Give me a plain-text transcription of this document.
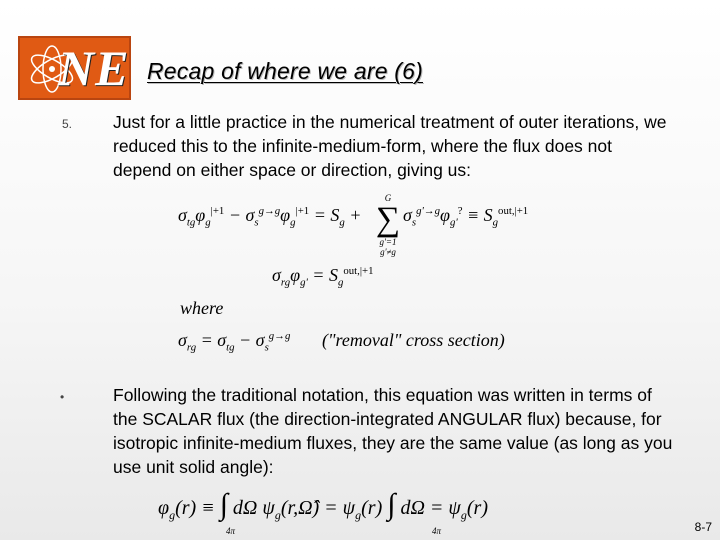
NE Recap of where we are (6)
5. Just for a little practice in the numerical treatment of outer iterations, we reduced this to the infinite-medium-form, where the flux does not depend on either space or direction, giving us:
$\sigma_{tg}\varphi_g^{|+1} - \sigma_s^{g\to g}\varphi_g^{|+1} = S_g$ +
G
∑
g'=1
g'≠g
$\sigma_s^{g'\to g}\varphi_{g'}^? \equiv S_g^{out,|+1}$
$\sigma_{rg}\varphi_{g'} = S_g^{out,|+1}$
where
$\sigma_{rg} = \sigma_{tg} - \sigma_s^{g\to g}$ ("removal" cross section)
•	Following the traditional notation, this equation was written in terms of the SCALAR flux (the direction-integrated ANGULAR flux) because, for isotropic infinite-medium fluxes, they are the same value (as long as you use unit solid angle):
$\varphi_g(r)$ ≡ ∫ dΩ $\psi_g(r,\Omegâ) = \psi_g(r)$ ∫ $d\Omega = \psi_g(r)$
4π	4π	8-7
